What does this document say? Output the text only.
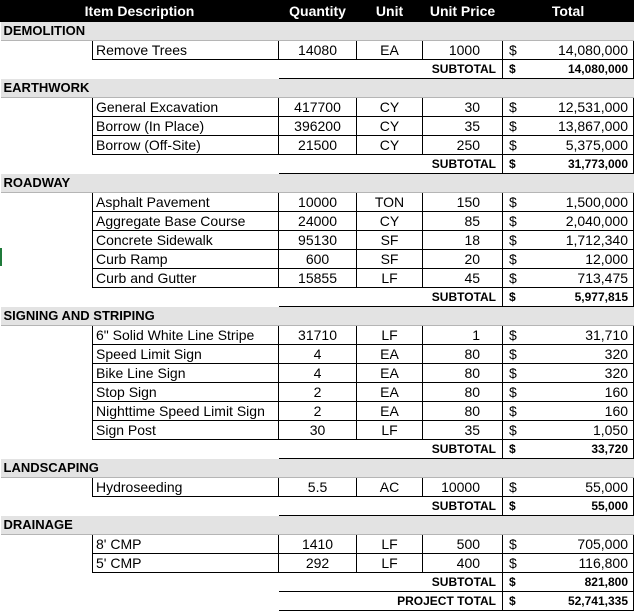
Item Description		Quantity	Unit	Unit Price	Total	
DEMOLITION						
	Remove Trees	14080	EA	1000	$	14,080,000
		SUBTOTAL			$	14,080,000
EARTHWORK						
	General Excavation	417700	CY	30	$	12,531,000
	Borrow (In Place)	396200	CY	35	$	13,867,000
	Borrow (Off-Site)	21500	CY	250	$	5,375,000
		SUBTOTAL			$	31,773,000
ROADWAY						
	Asphalt Pavement	10000	TON	150	$	1,500,000
	Aggregate Base Course	24000	CY	85	$	2,040,000
	Concrete Sidewalk	95130	SF	18	$	1,712,340
	Curb Ramp	600	SF	20	$	12,000
	Curb and Gutter	15855	LF	45	$	713,475
		SUBTOTAL			$	5,977,815
SIGNING AND STRIPING						
	6" Solid White Line Stripe	31710	LF	1	$	31,710
	Speed Limit Sign	4	EA	80	$	320
	Bike Line Sign	4	EA	80	$	320
	Stop Sign	2	EA	80	$	160
	Nighttime Speed Limit Sign	2	EA	80	$	160
	Sign Post	30	LF	35	$	1,050
		SUBTOTAL			$	33,720
LANDSCAPING						
	Hydroseeding	5.5	AC	10000	$	55,000
		SUBTOTAL			$	55,000
DRAINAGE						
	8' CMP	1410	LF	500	$	705,000
	5' CMP	292	LF	400	$	116,800
		SUBTOTAL			$	821,800
		PROJECT TOTAL			$	52,741,335
